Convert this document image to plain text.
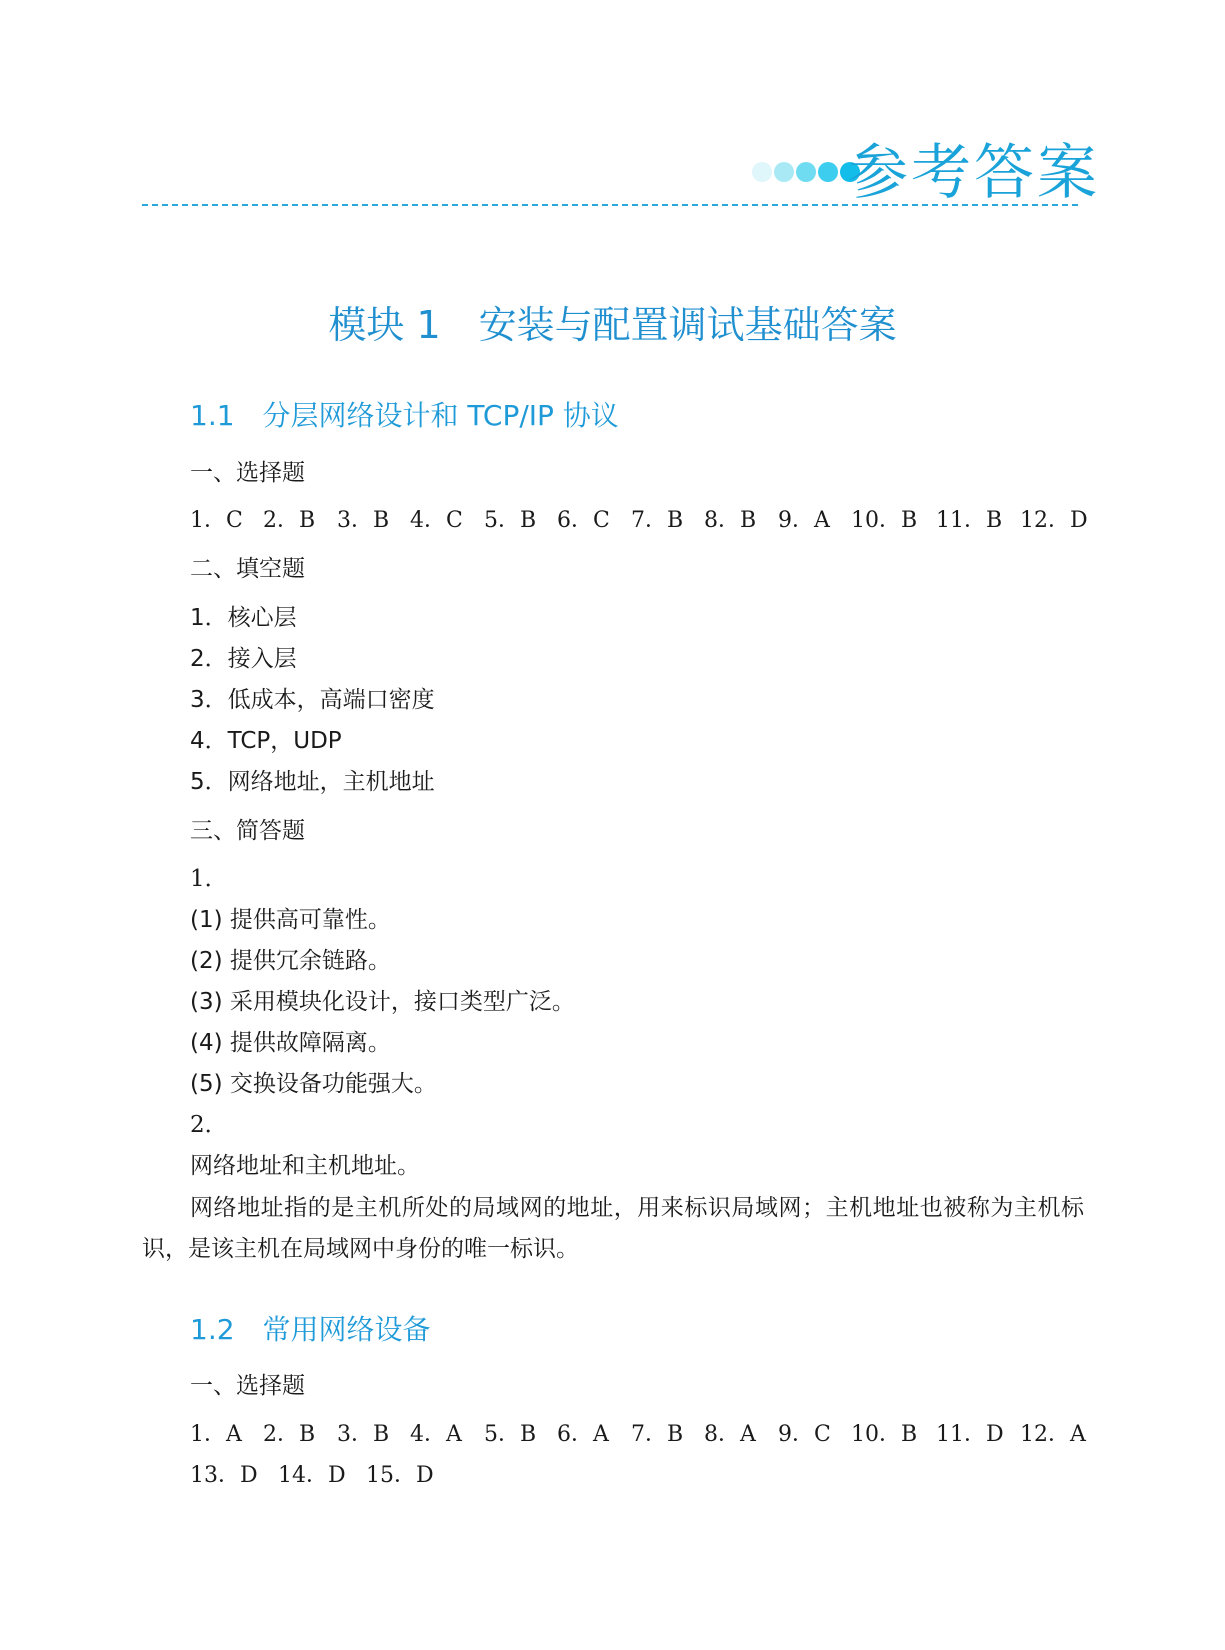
参考答案
模块 1　安装与配置调试基础答案
1.1　分层网络设计和 TCP/IP 协议
一、选择题
1．C 2．B 3．B 4．C 5．B 6．C 7．B 8．B 9．A 10．B 11．B 12．D
二、填空题
1．核心层
2．接入层
3．低成本，高端口密度
4．TCP，UDP
5．网络地址，主机地址
三、简答题
1．
(1) 提供高可靠性。
(2) 提供冗余链路。
(3) 采用模块化设计，接口类型广泛。
(4) 提供故障隔离。
(5) 交换设备功能强大。
2．
网络地址和主机地址。
网络地址指的是主机所处的局域网的地址，用来标识局域网；主机地址也被称为主机标识，是该主机在局域网中身份的唯一标识。
1.2　常用网络设备
一、选择题
1．A 2．B 3．B 4．A 5．B 6．A 7．B 8．A 9．C 10．B 11．D 12．A
13．D 14．D 15．D
